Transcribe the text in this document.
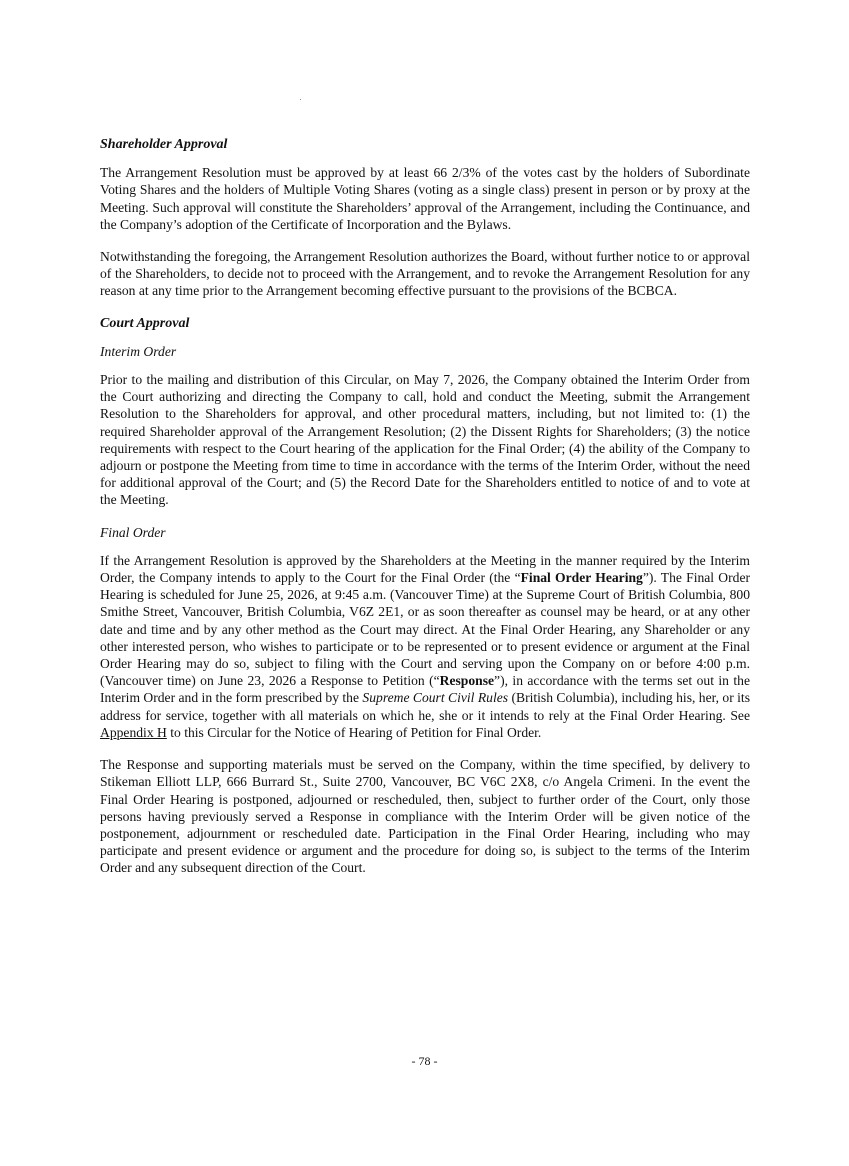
Shareholder Approval

The Arrangement Resolution must be approved by at least 66 2/3% of the votes cast by the holders of Subordinate Voting Shares and the holders of Multiple Voting Shares (voting as a single class) present in person or by proxy at the Meeting. Such approval will constitute the Shareholders’ approval of the Arrangement, including the Continuance, and the Company’s adoption of the Certificate of Incorporation and the Bylaws.

Notwithstanding the foregoing, the Arrangement Resolution authorizes the Board, without further notice to or approval of the Shareholders, to decide not to proceed with the Arrangement, and to revoke the Arrangement Resolution for any reason at any time prior to the Arrangement becoming effective pursuant to the provisions of the BCBCA.

Court Approval
Interim Order

Prior to the mailing and distribution of this Circular, on May 7, 2026, the Company obtained the Interim Order from the Court authorizing and directing the Company to call, hold and conduct the Meeting, submit the Arrangement Resolution to the Shareholders for approval, and other procedural matters, including, but not limited to: (1) the required Shareholder approval of the Arrangement Resolution; (2) the Dissent Rights for Shareholders; (3) the notice requirements with respect to the Court hearing of the application for the Final Order; (4) the ability of the Company to adjourn or postpone the Meeting from time to time in accordance with the terms of the Interim Order, without the need for additional approval of the Court; and (5) the Record Date for the Shareholders entitled to notice of and to vote at the Meeting.

Final Order

If the Arrangement Resolution is approved by the Shareholders at the Meeting in the manner required by the Interim Order, the Company intends to apply to the Court for the Final Order (the “Final Order Hearing”). The Final Order Hearing is scheduled for June 25, 2026, at 9:45 a.m. (Vancouver Time) at the Supreme Court of British Columbia, 800 Smithe Street, Vancouver, British Columbia, V6Z 2E1, or as soon thereafter as counsel may be heard, or at any other date and time and by any other method as the Court may direct. At the Final Order Hearing, any Shareholder or any other interested person, who wishes to participate or to be represented or to present evidence or argument at the Final Order Hearing may do so, subject to filing with the Court and serving upon the Company on or before 4:00 p.m. (Vancouver time) on June 23, 2026 a Response to Petition (“Response”), in accordance with the terms set out in the Interim Order and in the form prescribed by the Supreme Court Civil Rules (British Columbia), including his, her, or its address for service, together with all materials on which he, she or it intends to rely at the Final Order Hearing. See Appendix H to this Circular for the Notice of Hearing of Petition for Final Order.

The Response and supporting materials must be served on the Company, within the time specified, by delivery to Stikeman Elliott LLP, 666 Burrard St., Suite 2700, Vancouver, BC V6C 2X8, c/o Angela Crimeni. In the event the Final Order Hearing is postponed, adjourned or rescheduled, then, subject to further order of the Court, only those persons having previously served a Response in compliance with the Interim Order will be given notice of the postponement, adjournment or rescheduled date. Participation in the Final Order Hearing, including who may participate and present evidence or argument and the procedure for doing so, is subject to the terms of the Interim Order and any subsequent direction of the Court.

- 78 -
